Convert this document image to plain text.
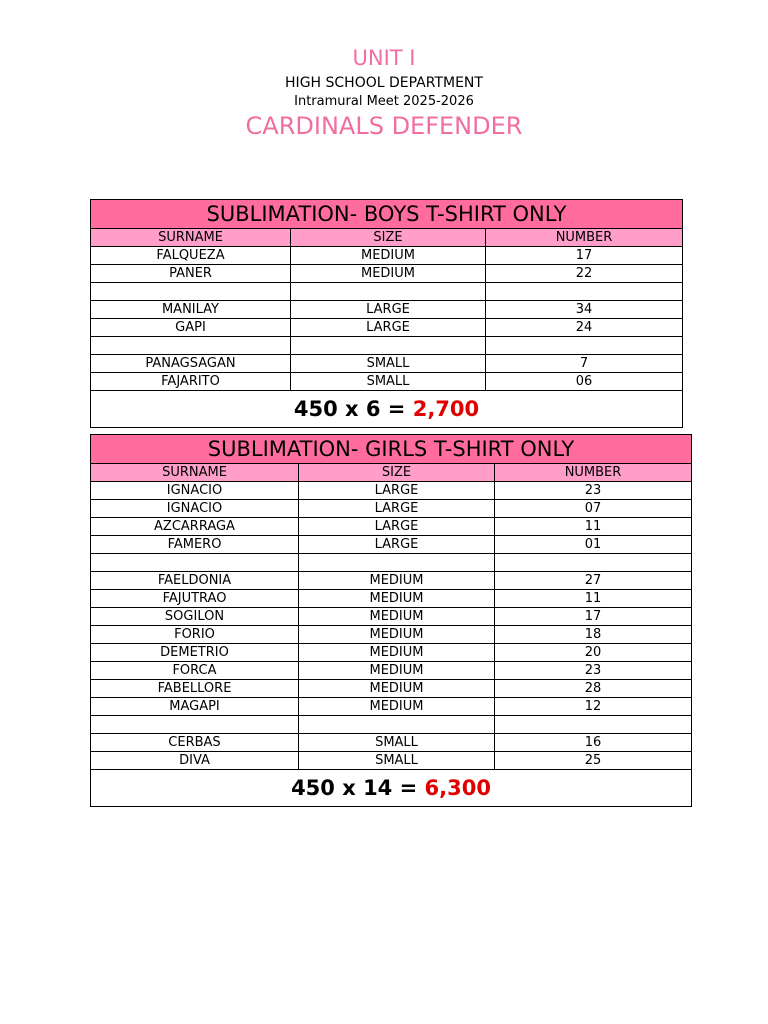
UNIT I
HIGH SCHOOL DEPARTMENT
Intramural Meet 2025-2026
CARDINALS DEFENDER
SUBLIMATION- BOYS T-SHIRT ONLY		
SURNAME	SIZE	NUMBER
FALQUEZA	MEDIUM	17
PANER	MEDIUM	22

MANILAY	LARGE	34
GAPI	LARGE	24

PANAGSAGAN	SMALL	7
FAJARITO	SMALL	06
450 x 6 = 2,700		
SUBLIMATION- GIRLS T-SHIRT ONLY		
SURNAME	SIZE	NUMBER
IGNACIO	LARGE	23
IGNACIO	LARGE	07
AZCARRAGA	LARGE	11
FAMERO	LARGE	01

FAELDONIA	MEDIUM	27
FAJUTRAO	MEDIUM	11
SOGILON	MEDIUM	17
FORIO	MEDIUM	18
DEMETRIO	MEDIUM	20
FORCA	MEDIUM	23
FABELLORE	MEDIUM	28
MAGAPI	MEDIUM	12

CERBAS	SMALL	16
DIVA	SMALL	25
450 x 14 = 6,300		
